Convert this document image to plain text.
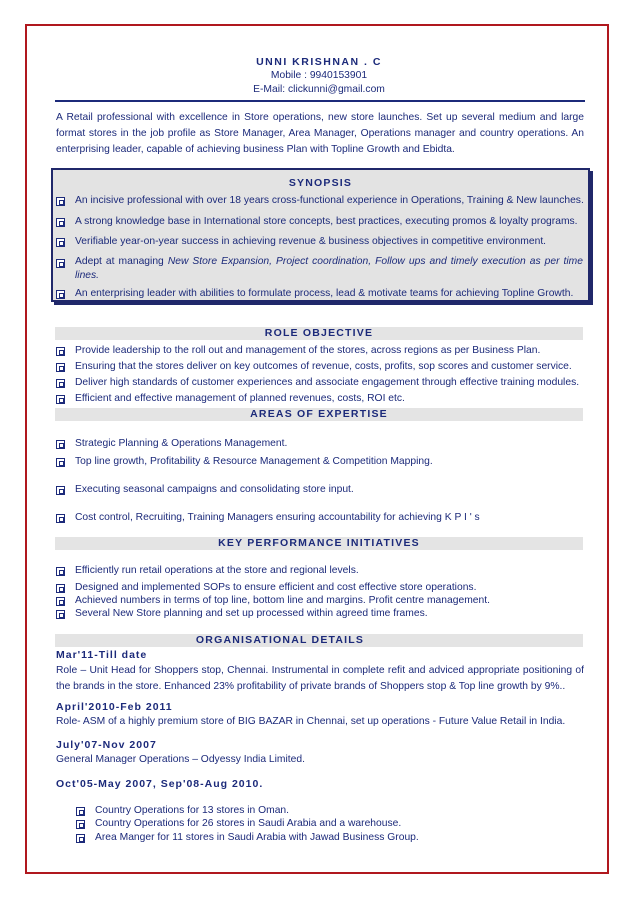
UNNI KRISHNAN . C
Mobile : 9940153901
E-Mail: clickunni@gmail.com
A Retail professional with excellence in Store operations, new store launches. Set up several medium and large format stores in the job profile as Store Manager, Area Manager, Operations manager and country operations. An enterprising leader, capable of achieving business Plan with Topline Growth and Ebidta.
SYNOPSIS
An incisive professional with over 18 years cross-functional experience in Operations, Training & New launches.
A strong knowledge base in International store concepts, best practices, executing promos & loyalty programs.
Verifiable year-on-year success in achieving revenue & business objectives in competitive environment.
Adept at managing New Store Expansion, Project coordination, Follow ups and timely execution as per time lines.
An enterprising leader with abilities to formulate process, lead & motivate teams for achieving Topline Growth.
ROLE OBJECTIVE
Provide leadership to the roll out and management of the stores, across regions as per Business Plan.
Ensuring that the stores deliver on key outcomes of revenue, costs, profits, sop scores and customer service.
Deliver high standards of customer experiences and associate engagement through effective training modules.
Efficient and effective management of planned revenues, costs, ROI etc.
AREAS OF EXPERTISE
Strategic Planning & Operations Management.
Top line growth, Profitability & Resource Management & Competition Mapping.
Executing seasonal campaigns and consolidating store input.
Cost control, Recruiting, Training Managers ensuring accountability for achieving K P I ' s
KEY PERFORMANCE INITIATIVES
Efficiently run retail operations at the store and regional levels.
Designed and implemented SOPs to ensure efficient and cost effective store operations.
Achieved numbers in terms of top line, bottom line and margins. Profit centre management.
Several New Store planning and set up processed within agreed time frames.
ORGANISATIONAL DETAILS
Mar'11-Till date
Role – Unit Head for Shoppers stop, Chennai. Instrumental in complete refit and adviced appropriate positioning of the brands in the store. Enhanced 23% profitability of private brands of Shoppers stop & Top line growth by 9%..
April'2010-Feb 2011
Role- ASM of a highly premium store of BIG BAZAR in Chennai, set up operations - Future Value Retail in India.
July'07-Nov 2007
General Manager Operations – Odyessy India Limited.
Oct'05-May 2007, Sep'08-Aug 2010.
Country Operations for 13 stores in Oman.
Country Operations for 26 stores in Saudi Arabia and a warehouse.
Area Manger for 11 stores in Saudi Arabia with Jawad Business Group.
